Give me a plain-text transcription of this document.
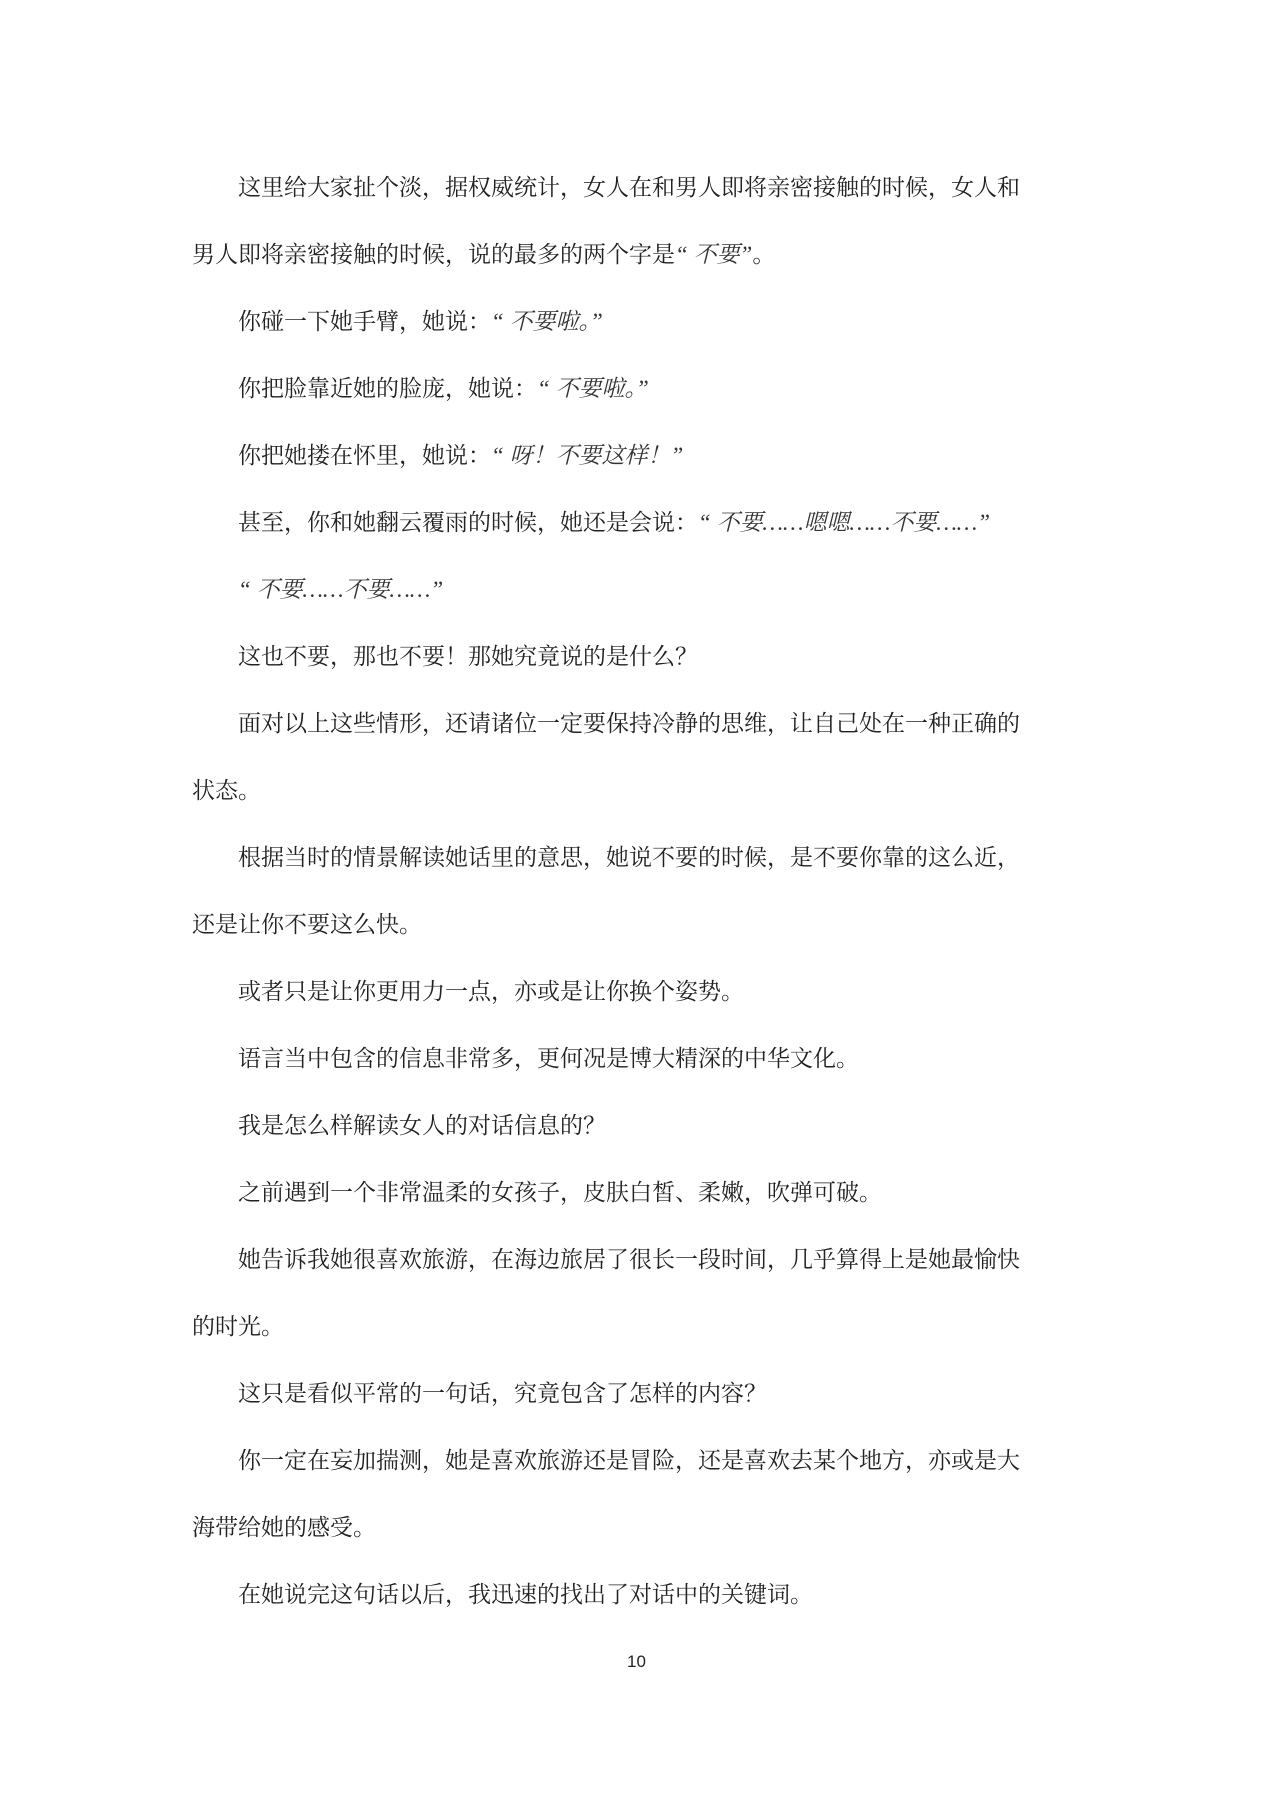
这里给大家扯个淡，据权威统计，女人在和男人即将亲密接触的时候，女人和
男人即将亲密接触的时候，说的最多的两个字是“ 不要”。
你碰一下她手臂，她说：“ 不要啦。”
你把脸靠近她的脸庞，她说：“ 不要啦。”
你把她搂在怀里，她说：“ 呀！不要这样！”
甚至，你和她翻云覆雨的时候，她还是会说：“ 不要……嗯嗯……不要……”
“ 不要……不要……”
这也不要，那也不要！那她究竟说的是什么？
面对以上这些情形，还请诸位一定要保持冷静的思维，让自己处在一种正确的
状态。
根据当时的情景解读她话里的意思，她说不要的时候，是不要你靠的这么近，
还是让你不要这么快。
或者只是让你更用力一点，亦或是让你换个姿势。
语言当中包含的信息非常多，更何况是博大精深的中华文化。
我是怎么样解读女人的对话信息的？
之前遇到一个非常温柔的女孩子，皮肤白皙、柔嫩，吹弹可破。
她告诉我她很喜欢旅游，在海边旅居了很长一段时间，几乎算得上是她最愉快
的时光。
这只是看似平常的一句话，究竟包含了怎样的内容？
你一定在妄加揣测，她是喜欢旅游还是冒险，还是喜欢去某个地方，亦或是大
海带给她的感受。
在她说完这句话以后，我迅速的找出了对话中的关键词。
10
